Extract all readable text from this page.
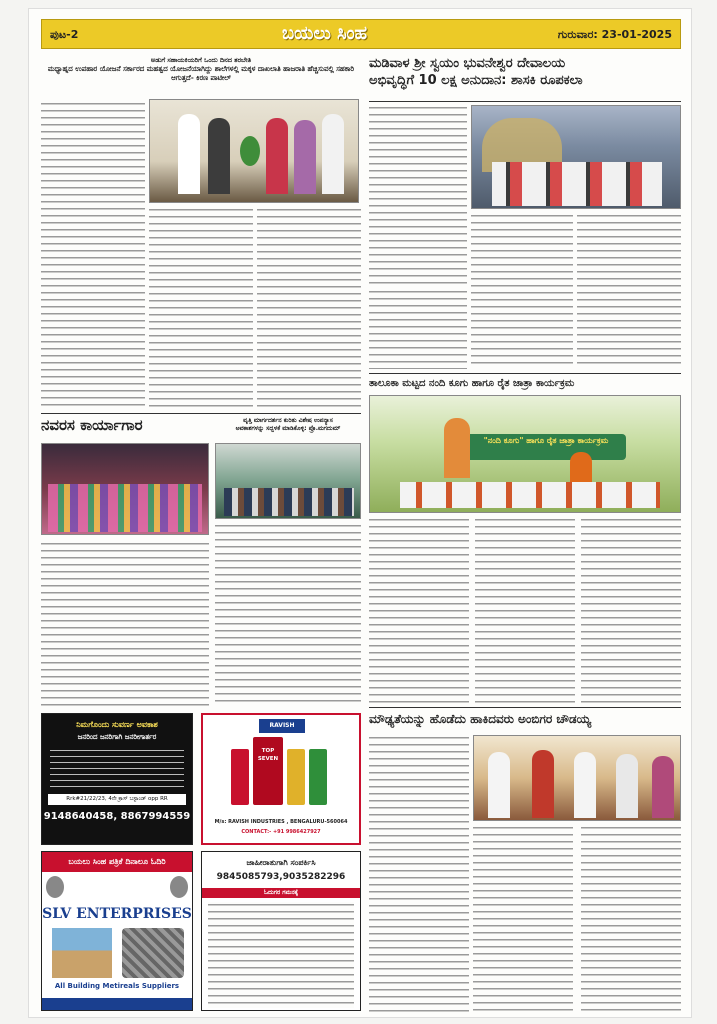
ಪುಟ-2	ಬಯಲು ಸಿಂಹ	ಗುರುವಾರ: 23-01-2025
ಅಡುಗೆ ಸಹಾಯಕಿಯರಿಗೆ ಒಂದು ದಿನದ ತರಬೇತಿ
ಮಧ್ಯಾಹ್ನದ ಉಪಹಾರ ಯೋಜನೆ ಸರ್ಕಾರದ ಮಹತ್ವದ ಯೋಜನೆಯಾಗಿದ್ದು ಶಾಲೆಗಳಲ್ಲಿ ಮಕ್ಕಳ ದಾಖಲಾತಿ ಹಾಜರಾತಿ ಹೆಚ್ಚಿಸುವಲ್ಲಿ ಸಹಕಾರಿ ಆಗುತ್ತದೆ- ಕಿರಣ ಪಾಟೀಲ್
ಮಡಿವಾಳ ಶ್ರೀ ಸ್ವಯಂ ಭುವನೇಶ್ವರ ದೇವಾಲಯ
ಅಭಿವೃದ್ಧಿಗೆ 10 ಲಕ್ಷ ಅನುದಾನ: ಶಾಸಕಿ ರೂಪಕಲಾ
ನವರಸ ಕಾರ್ಯಾಗಾರ	ವೃತ್ತಿ ಮಾರ್ಗದರ್ಶನ ಕುರಿತು ವಿಶೇಷ ಉಪನ್ಯಾಸ
ಅವಕಾಶಗಳನ್ನು ಸದ್ಬಳಕೆ ಮಾಡಿಕೊಳ್ಳಿ: ಪ್ರೊ.ಮಗದುಮ್
ತಾಲೂಕಾ ಮಟ್ಟದ ನಂದಿ ಕೂಗು ಹಾಗೂ ರೈತ ಜಾತ್ರಾ ಕಾರ್ಯಕ್ರಮ
"ನಂದಿ ಕೂಗು" ಹಾಗೂ ರೈತ ಜಾತ್ರಾ ಕಾರ್ಯಕ್ರಮ
ಮೌಢ್ಯತೆಯನ್ನು ಹೊಡೆದು ಹಾಕಿದವರು ಅಂಬಿಗರ ಚೌಡಯ್ಯ
ನಿಮಗೊಂದು ಸುವರ್ಣ ಅವಕಾಶ
ಜನರಿಂದ ಜನರಿಗಾಗಿ ಜನರೀಗಾರ್ತರ
Rrk#21/22/23, 4ನೇ ಕ್ರಾಸ್ ಬಸ್ಟಾಂಡ್ opp RR
9148640458, 8867994559
RAVISH
TOP SEVEN
M/s: RAVISH INDUSTRIES , BENGALURU-560064
CONTACT:- +91 9986427927
ಬಯಲು ಸಿಂಹ ಪತ್ರಿಕೆ ದಿನಾಲೂ ಓದಿರಿ
SLV ENTERPRISES
All Building Metireals Suppliers
ಜಾಹೀರಾತುಗಾಗಿ ಸಂಪರ್ಕಿಸಿ
9845085793,9035282296
ಓದುಗರ ಗಮನಕ್ಕೆ
